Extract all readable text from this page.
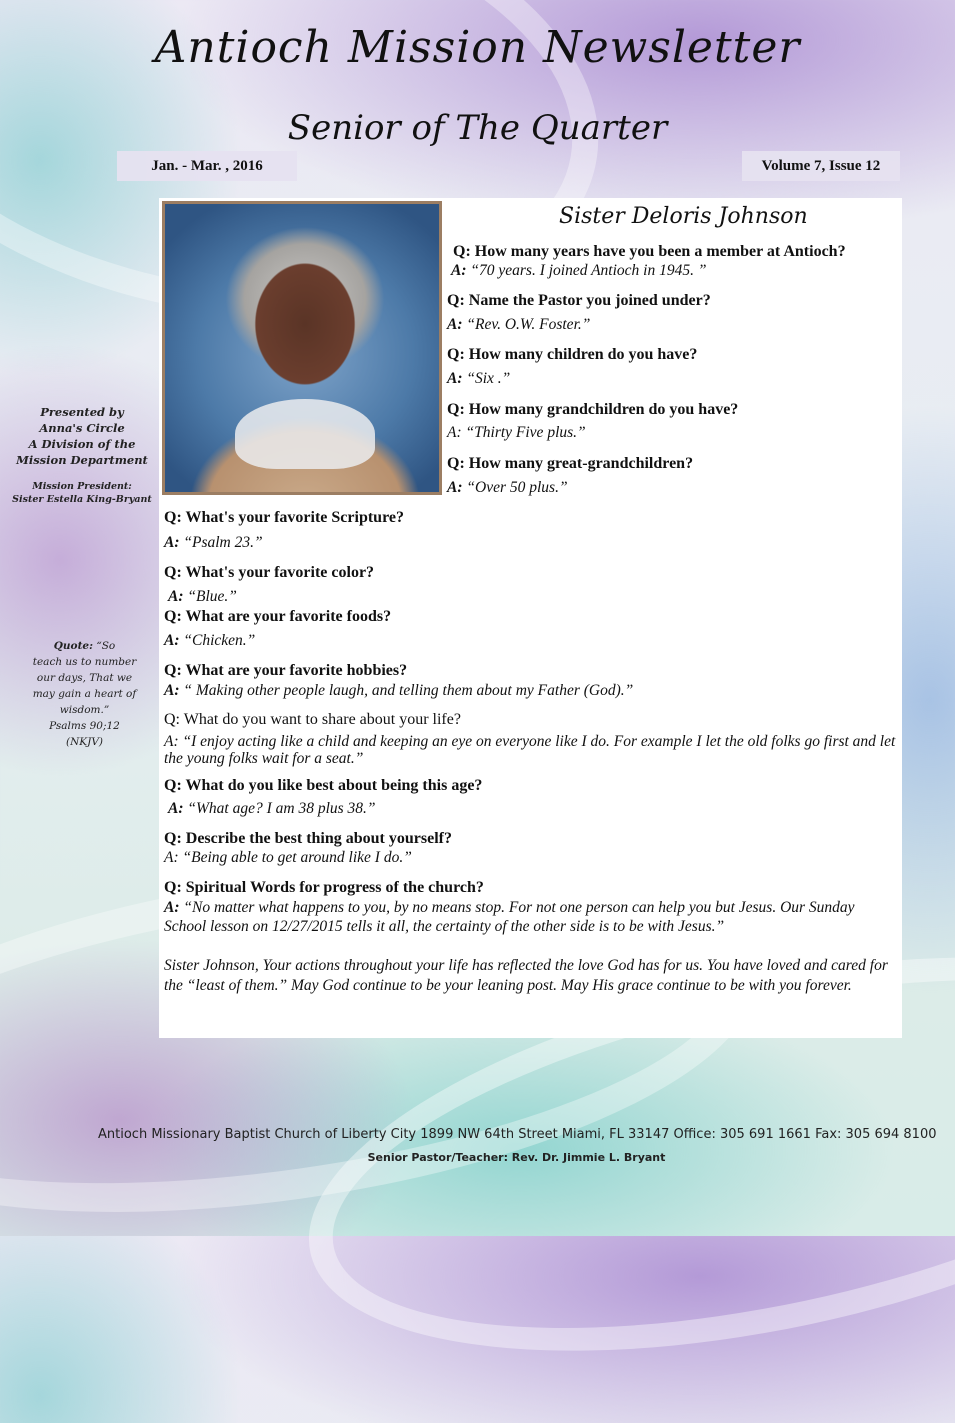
Antioch Mission Newsletter
Senior of The Quarter
Jan. - Mar. , 2016	Volume 7, Issue 12
Presented by
Anna's Circle
A Division of the
Mission Department
Mission President:
Sister Estella King-Bryant
Quote: “So
teach us to number
our days, That we
may gain a heart of
wisdom.”
Psalms 90;12
(NKJV)
Sister Deloris Johnson
Q: How many years have you been a member at Antioch?
A: “70 years. I joined Antioch in 1945. ”
Q: Name the Pastor you joined under?
A: “Rev. O.W. Foster.”
Q: How many children do you have?
A: “Six .”
Q: How many grandchildren do you have?
A: “Thirty Five plus.”
Q: How many great-grandchildren?
A: “Over 50 plus.”
Q: What's your favorite Scripture?
A: “Psalm 23.”
Q: What's your favorite color?
A: “Blue.”
Q: What are your favorite foods?
A: “Chicken.”
Q: What are your favorite hobbies?
A: “ Making other people laugh, and telling them about my Father (God).”
Q: What do you want to share about your life?
A: “I enjoy acting like a child and keeping an eye on everyone like I do. For example I let the old folks go first and let the young folks wait for a seat.”
Q: What do you like best about being this age?
A: “What age? I am 38 plus 38.”
Q: Describe the best thing about yourself?
A: “Being able to get around like I do.”
Q: Spiritual Words for progress of the church?
A: “No matter what happens to you, by no means stop. For not one person can help you but Jesus. Our Sunday School lesson on 12/27/2015 tells it all, the certainty of the other side is to be with Jesus.”
Sister Johnson, Your actions throughout your life has reflected the love God has for us. You have loved and cared for the “least of them.” May God continue to be your leaning post. May His grace continue to be with you forever.
Antioch Missionary Baptist Church of Liberty City 1899 NW 64th Street Miami, FL 33147 Office: 305 691 1661 Fax: 305 694 8100
Senior Pastor/Teacher: Rev. Dr. Jimmie L. Bryant
